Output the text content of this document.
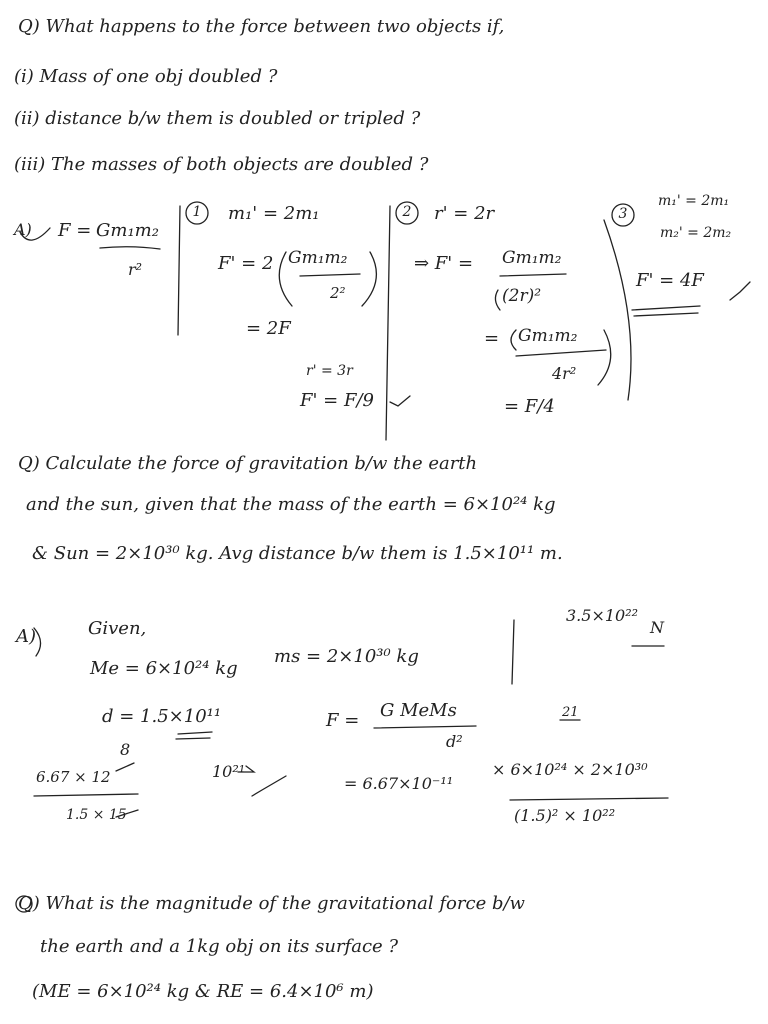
Q) What happens to the force between two objects if,
(i) Mass of one obj doubled ?
(ii) distance b/w them is doubled or tripled ?
(iii) The masses of both objects are doubled ?
A) F = Gm₁m₂
r²
1	m₁' = 2m₁
F' = 2 Gm₁m₂
2²
= 2F
r' = 3r
F' = F/9
2	r' = 2r
⇒ F' = Gm₁m₂
(2r)²
= Gm₁m₂
4r²
= F/4
3
m₁' = 2m₁
m₂' = 2m₂
F' = 4F
Q) Calculate the force of gravitation b/w the earth
and the sun, given that the mass of the earth = 6×10²⁴ kg
& Sun = 2×10³⁰ kg. Avg distance b/w them is 1.5×10¹¹ m.
A)	Given,
Me = 6×10²⁴ kg
ms = 2×10³⁰ kg
d = 1.5×10¹¹	F = G MeMs
d²
8
6.67 × 12
1.5 × 15
10²¹
= 6.67×10⁻¹¹
× 6×10²⁴ × 2×10³⁰
(1.5)² × 10²²
21
3.5×10²²
N
Q) What is the magnitude of the gravitational force b/w
the earth and a 1kg obj on its surface ?
(ME = 6×10²⁴ kg & RE = 6.4×10⁶ m)
